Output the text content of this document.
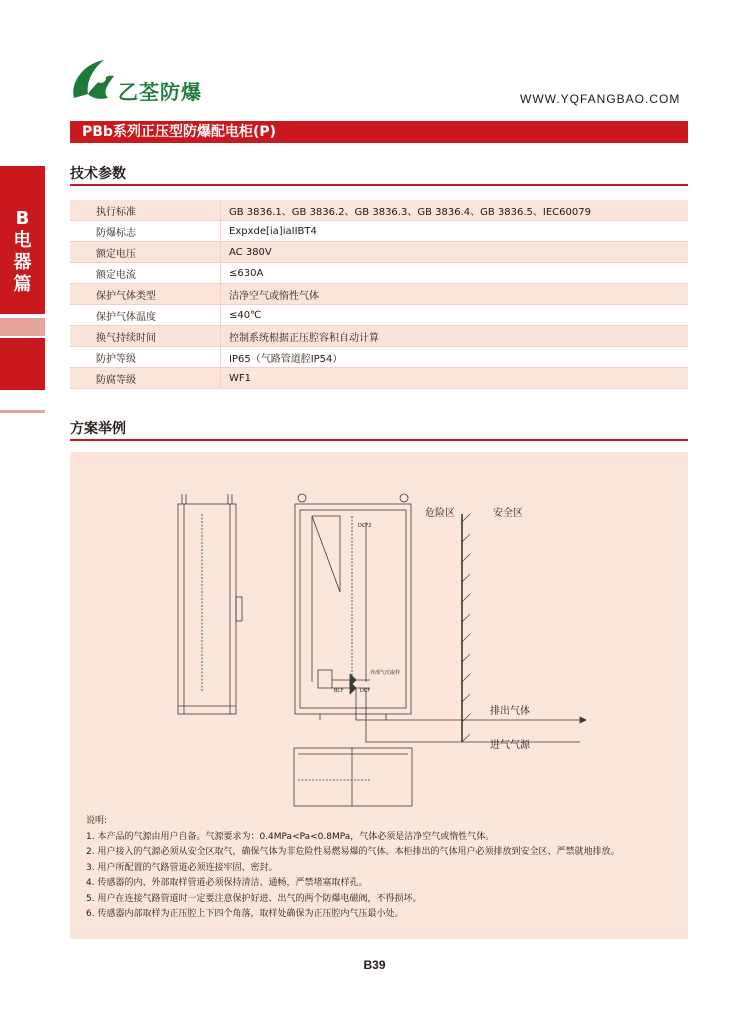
乙荃防爆	WWW.YQFANGBAO.COM
PBb系列正压型防爆配电柜(P)
B
电
器
篇
技术参数
执行标准	GB 3836.1、GB 3836.2、GB 3836.3、GB 3836.4、GB 3836.5、IEC60079
防爆标志	Expxde[ia]iaIIBT4
额定电压	AC 380V
额定电流	≤630A
保护气体类型	洁净空气或惰性气体
保护气体温度	≤40℃
换气持续时间	控制系统根据正压腔容积自动计算
防护等级	IP65（气路管道腔IP54）
防腐等级	WF1
方案举例
危险区	安全区
排出气体
进气气源
外部气压取样
DCF
DCF2
BCF
说明:
1. 本产品的气源由用户自备。气源要求为：0.4MPa<Pa<0.8MPa，气体必须是洁净空气或惰性气体。
2. 用户接入的气源必须从安全区取气，确保气体为非危险性易燃易爆的气体。本柜排出的气体用户必须排放到安全区、严禁就地排放。
3. 用户所配置的气路管道必须连接牢固、密封。
4. 传感器的内、外部取样管道必须保持清洁、通畅，严禁堵塞取样孔。
5. 用户在连接气路管道时一定要注意保护好进、出气的两个防爆电磁阀，不得损坏。
6. 传感器内部取样为正压腔上下四个角落，取样处确保为正压腔内气压最小处。
B39
